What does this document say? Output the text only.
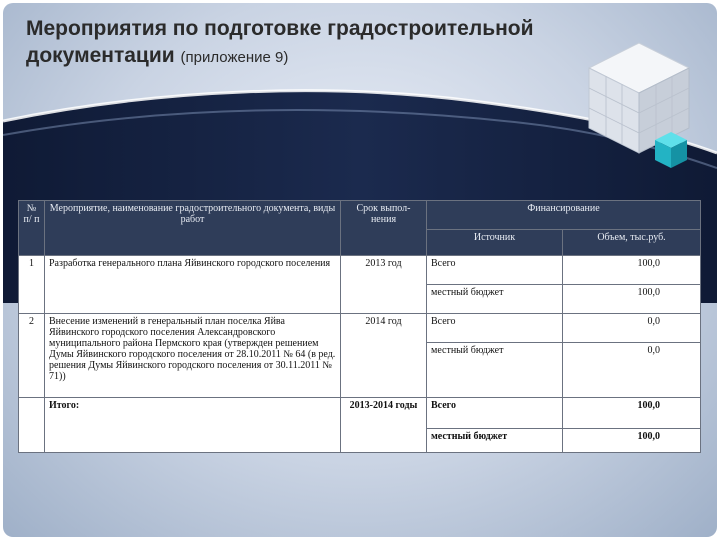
Мероприятия по подготовке градостроительной документации (приложение 9)
№ п/ п	Мероприятие, наименование градостроительного документа, виды работ	Срок выпол-нения	Финансирование	
			Источник	Объем, тыс.руб.
1	Разработка генерального плана Яйвинского городского поселения	2013 год	Всего	100,0
			местный бюджет	100,0
2	Внесение изменений в генеральный план поселка Яйва Яйвинского городского поселения Александровского муниципального района Пермского края (утвержден решением Думы Яйвинского городского поселения от 28.10.2011 № 64 (в ред. решения Думы Яйвинского городского поселения от 30.11.2011 № 71))	2014 год	Всего	0,0
			местный бюджет	0,0
	Итого:	2013-2014 годы	Всего	100,0
			местный бюджет	100,0
